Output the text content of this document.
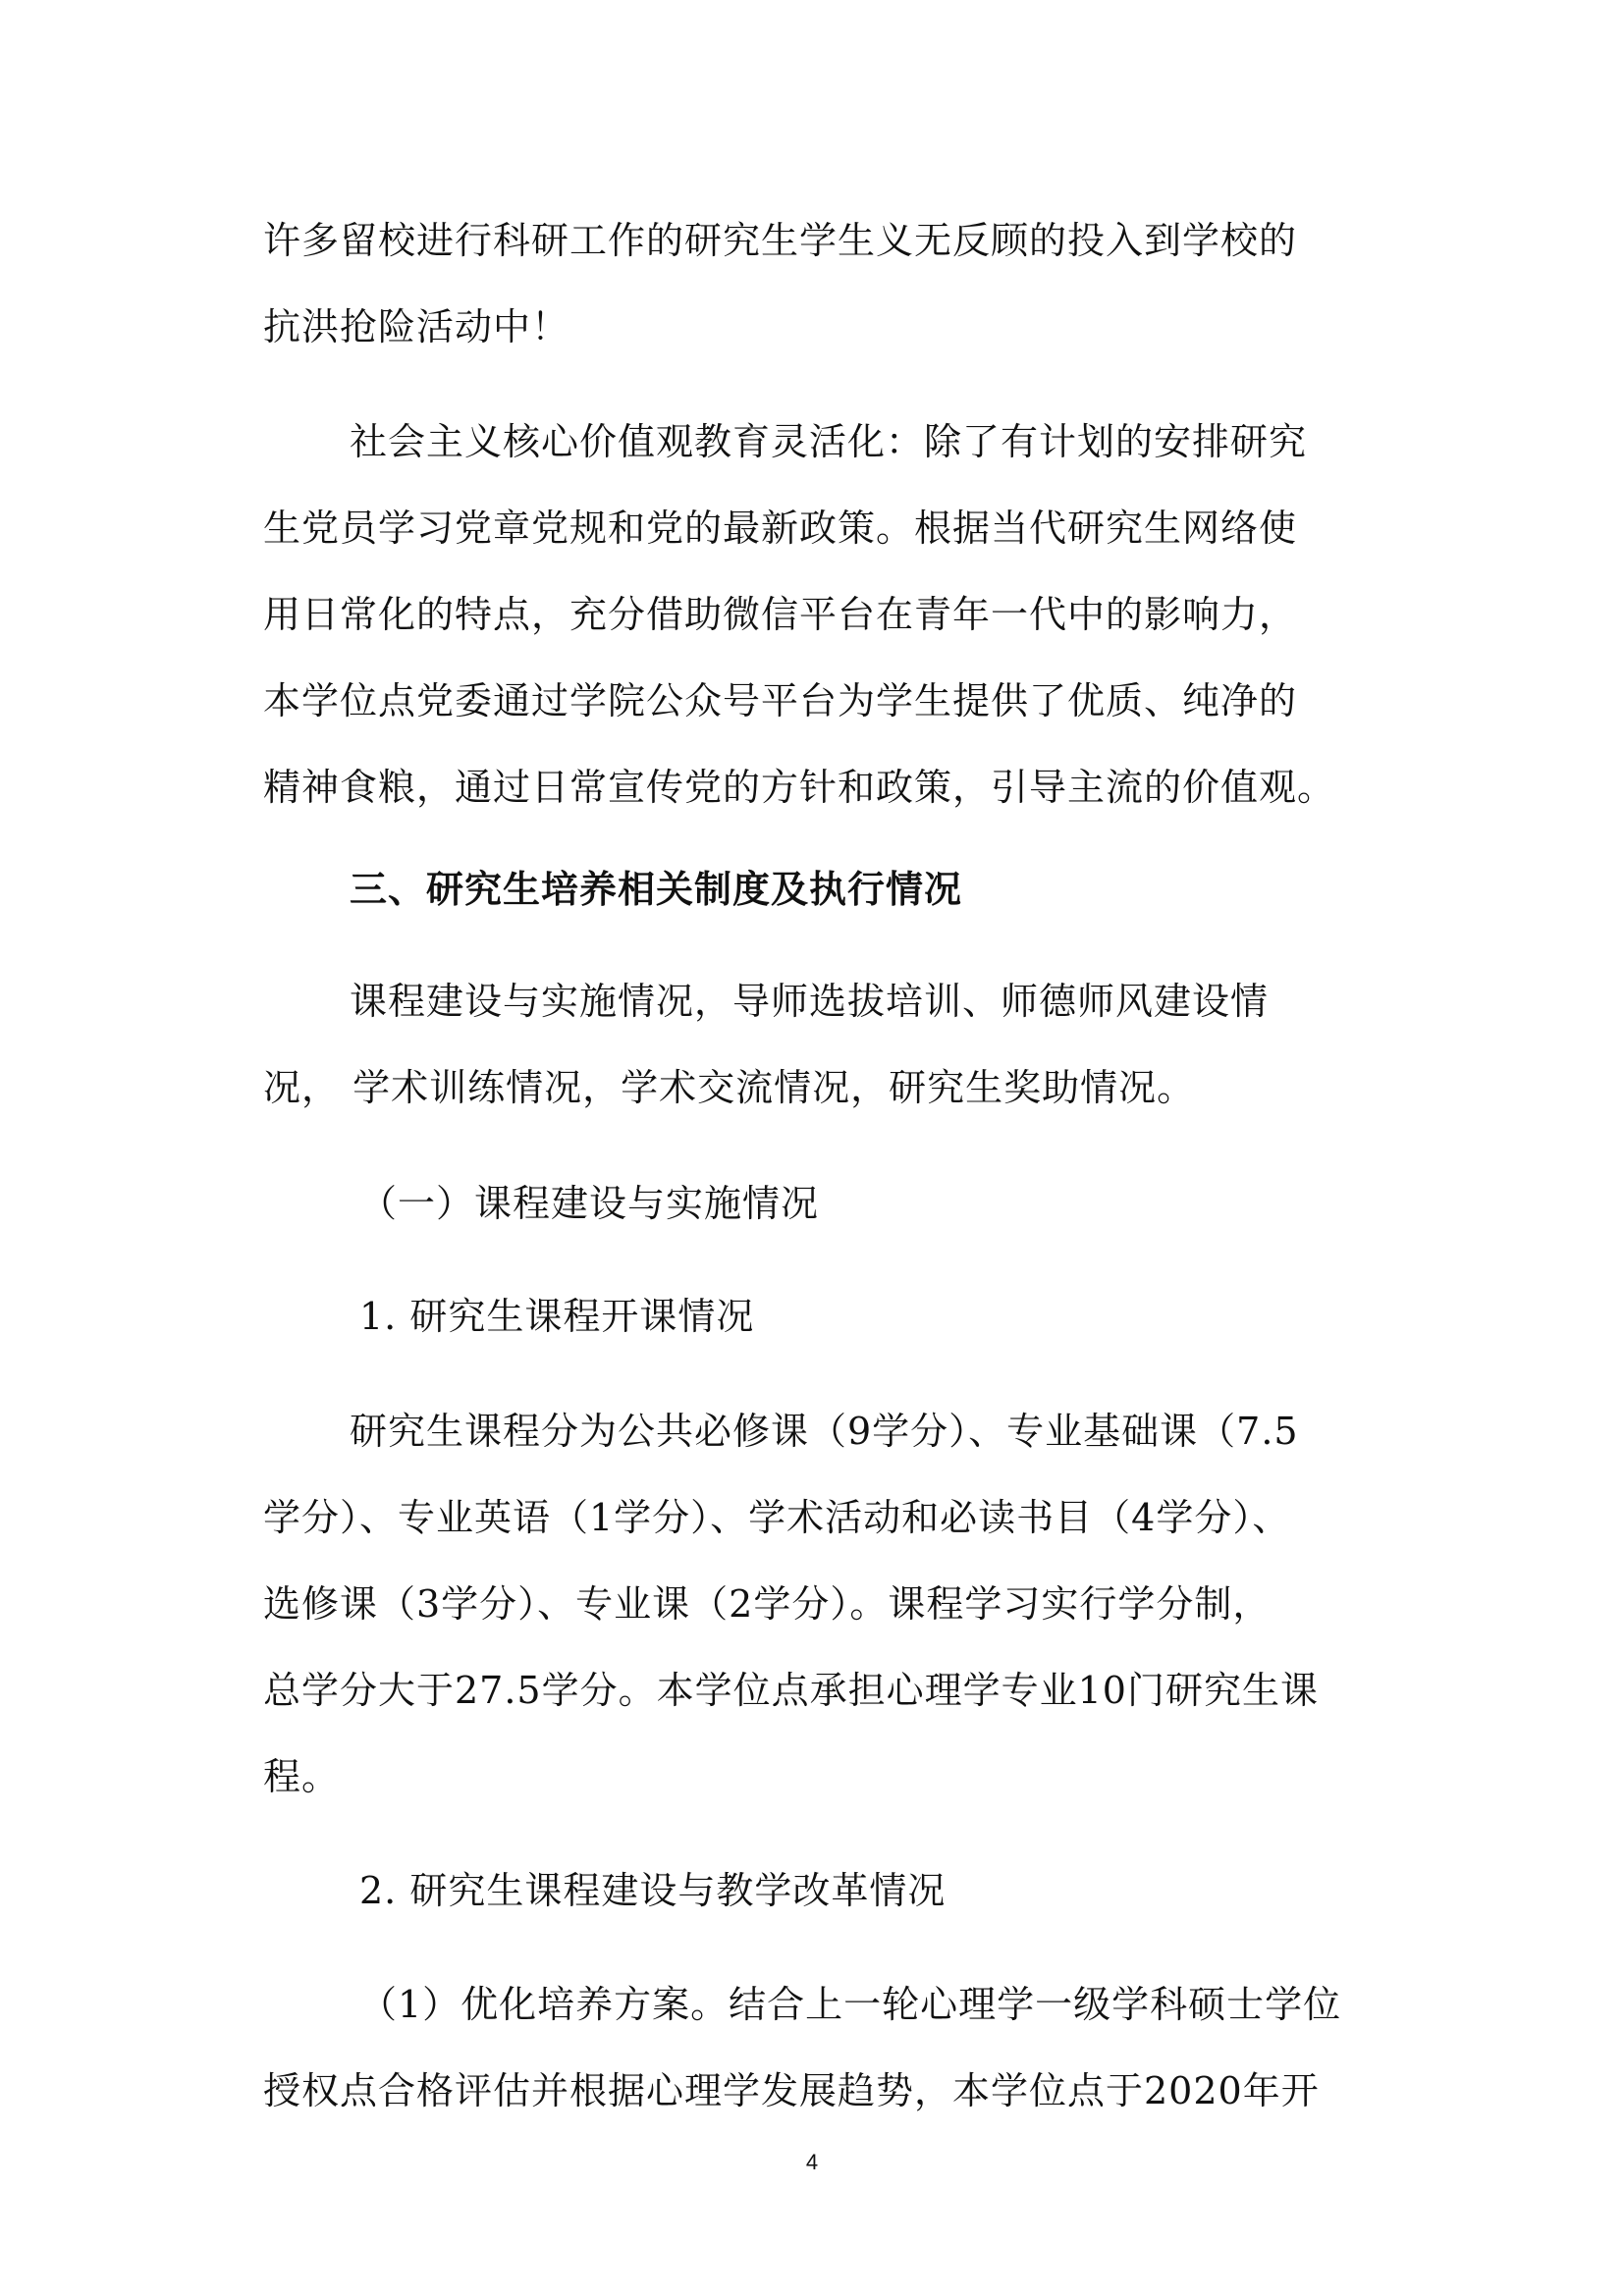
许多留校进行科研工作的研究生学生义无反顾的投入到学校的
抗洪抢险活动中！
社会主义核心价值观教育灵活化：除了有计划的安排研究
生党员学习党章党规和党的最新政策。根据当代研究生网络使
用日常化的特点，充分借助微信平台在青年一代中的影响力，
本学位点党委通过学院公众号平台为学生提供了优质、纯净的
精神食粮，通过日常宣传党的方针和政策，引导主流的价值观。
三、研究生培养相关制度及执行情况
课程建设与实施情况，导师选拔培训、师德师风建设情
况， 学术训练情况，学术交流情况，研究生奖助情况。
（一）课程建设与实施情况
1. 研究生课程开课情况
研究生课程分为公共必修课（9学分）、专业基础课（7.5
学分）、专业英语（1学分）、学术活动和必读书目（4学分）、
选修课（3学分）、专业课（2学分）。课程学习实行学分制，
总学分大于27.5学分。本学位点承担心理学专业10门研究生课
程。
2. 研究生课程建设与教学改革情况
（1）优化培养方案。结合上一轮心理学一级学科硕士学位
授权点合格评估并根据心理学发展趋势，本学位点于2020年开
4
